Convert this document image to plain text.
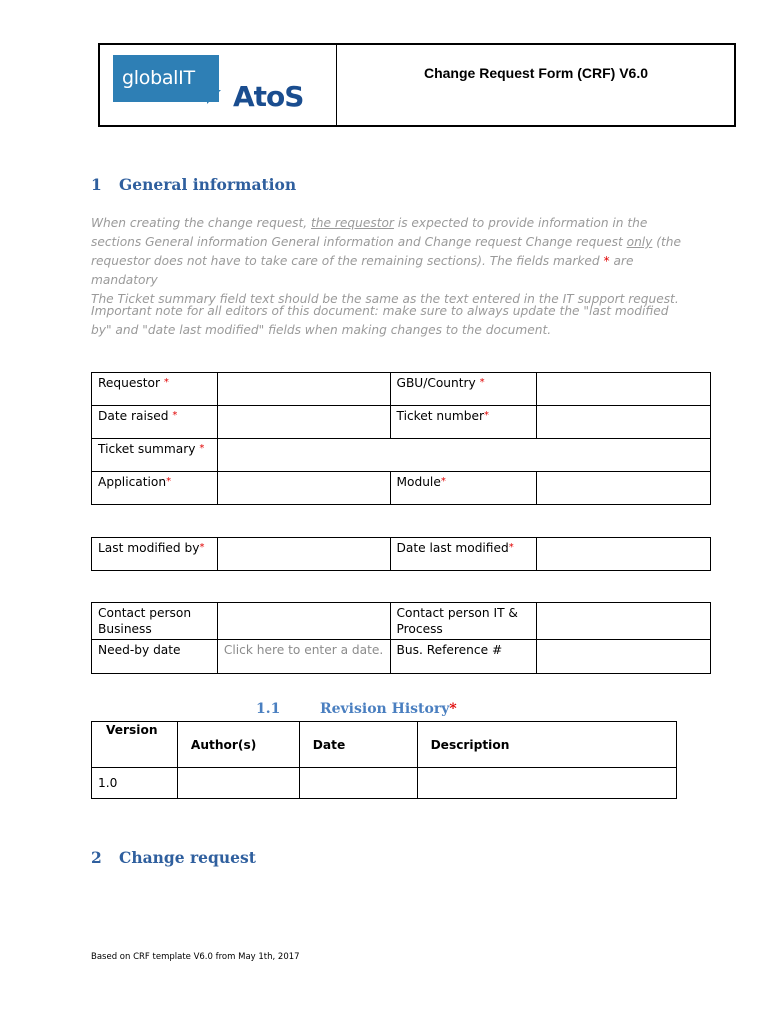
globalIT
AtoS
Change Request Form (CRF) V6.0
1 General information
When creating the change request, the requestor is expected to provide information in the sections General information General information and Change request Change request only (the requestor does not have to take care of the remaining sections). The fields marked * are mandatory
The Ticket summary field text should be the same as the text entered in the IT support request.
Important note for all editors of this document: make sure to always update the "last modified by" and "date last modified" fields when making changes to the document.
Requestor *		GBU/Country *	
Date raised *		Ticket number*	
Ticket summary *	
Application*		Module*	
Last modified by*		Date last modified*	
Contact person Business		Contact person IT & Process	
Need-by date	Click here to enter a date.	Bus. Reference #	
1.1	Revision History*
Version	Author(s)	Date	Description
1.0			
2 Change request
Based on CRF template V6.0 from May 1th, 2017
